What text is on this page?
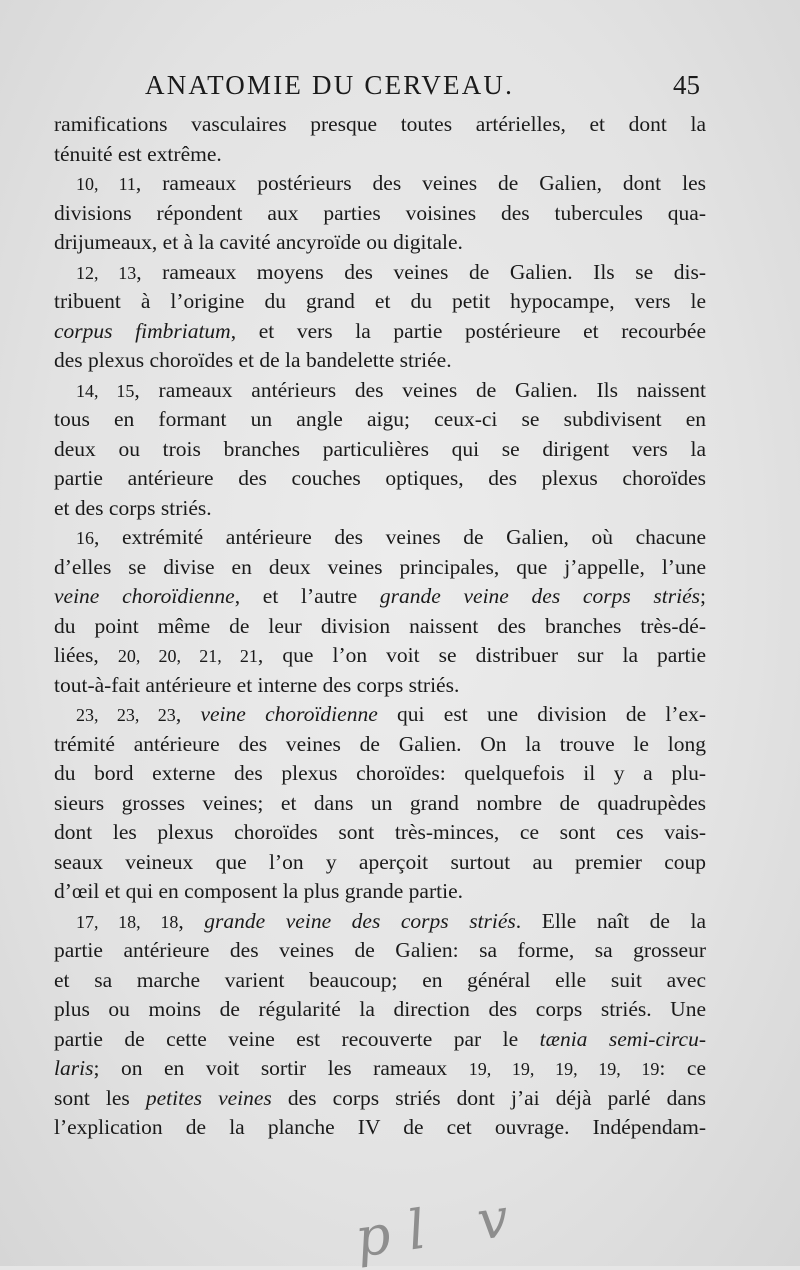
ANATOMIE DU CERVEAU.	45
ramifications vasculaires presque toutes artérielles, et dont la
ténuité est extrême.
10, 11, rameaux postérieurs des veines de Galien, dont les
divisions répondent aux parties voisines des tubercules qua-
drijumeaux, et à la cavité ancyroïde ou digitale.
12, 13, rameaux moyens des veines de Galien. Ils se dis-
tribuent à l’origine du grand et du petit hypocampe, vers le
corpus fimbriatum, et vers la partie postérieure et recourbée
des plexus choroïdes et de la bandelette striée.
14, 15, rameaux antérieurs des veines de Galien. Ils naissent
tous en formant un angle aigu; ceux-ci se subdivisent en
deux ou trois branches particulières qui se dirigent vers la
partie antérieure des couches optiques, des plexus choroïdes
et des corps striés.
16, extrémité antérieure des veines de Galien, où chacune
d’elles se divise en deux veines principales, que j’appelle, l’une
veine choroïdienne, et l’autre grande veine des corps striés;
du point même de leur division naissent des branches très-dé-
liées, 20, 20, 21, 21, que l’on voit se distribuer sur la partie
tout-à-fait antérieure et interne des corps striés.
23, 23, 23, veine choroïdienne qui est une division de l’ex-
trémité antérieure des veines de Galien. On la trouve le long
du bord externe des plexus choroïdes: quelquefois il y a plu-
sieurs grosses veines; et dans un grand nombre de quadrupèdes
dont les plexus choroïdes sont très-minces, ce sont ces vais-
seaux veineux que l’on y aperçoit surtout au premier coup
d’œil et qui en composent la plus grande partie.
17, 18, 18, grande veine des corps striés. Elle naît de la
partie antérieure des veines de Galien: sa forme, sa grosseur
et sa marche varient beaucoup; en général elle suit avec
plus ou moins de régularité la direction des corps striés. Une
partie de cette veine est recouverte par le tænia semi-circu-
laris; on en voit sortir les rameaux 19, 19, 19, 19, 19: ce
sont les petites veines des corps striés dont j’ai déjà parlé dans
l’explication de la planche IV de cet ouvrage. Indépendam-
pl v
